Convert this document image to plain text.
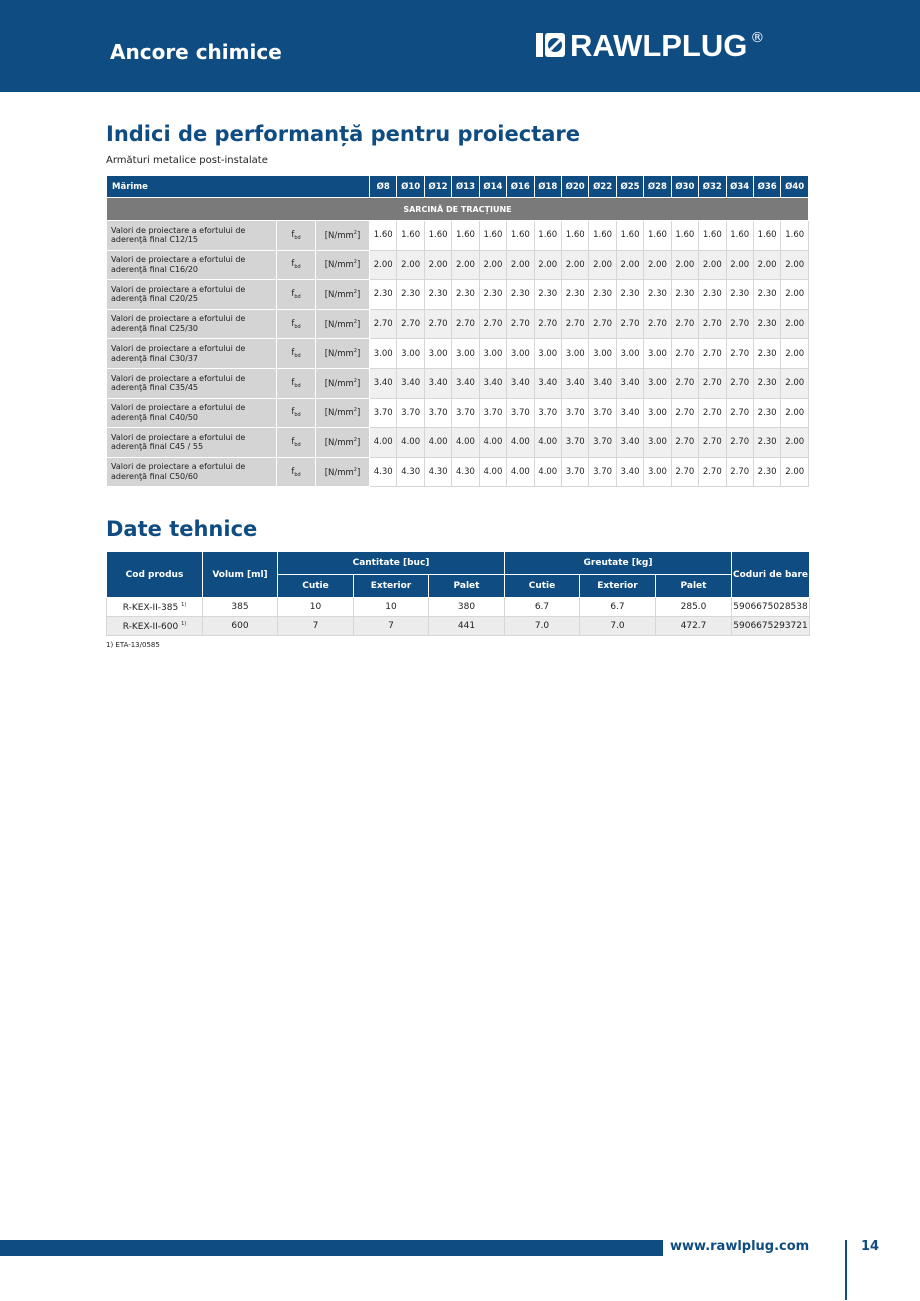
Ancore chimice	RAWLPLUG ®
Indici de performanță pentru proiectare
Armături metalice post-instalate
Mărime			Ø8	Ø10	Ø12	Ø13	Ø14	Ø16	Ø18	Ø20	Ø22	Ø25	Ø28	Ø30	Ø32	Ø34	Ø36	Ø40
SARCINĂ DE TRACȚIUNE																		
Valori de proiectare a efortului de aderenţă final C12/15	$f_{bd}$	$[N/mm^2]$	1.60	1.60	1.60	1.60	1.60	1.60	1.60	1.60	1.60	1.60	1.60	1.60	1.60	1.60	1.60	1.60
Valori de proiectare a efortului de aderenţă final C16/20	$f_{bd}$	$[N/mm^2]$	2.00	2.00	2.00	2.00	2.00	2.00	2.00	2.00	2.00	2.00	2.00	2.00	2.00	2.00	2.00	2.00
Valori de proiectare a efortului de aderenţă final C20/25	$f_{bd}$	$[N/mm^2]$	2.30	2.30	2.30	2.30	2.30	2.30	2.30	2.30	2.30	2.30	2.30	2.30	2.30	2.30	2.30	2.00
Valori de proiectare a efortului de aderenţă final C25/30	$f_{bd}$	$[N/mm^2]$	2.70	2.70	2.70	2.70	2.70	2.70	2.70	2.70	2.70	2.70	2.70	2.70	2.70	2.70	2.30	2.00
Valori de proiectare a efortului de aderenţă final C30/37	$f_{bd}$	$[N/mm^2]$	3.00	3.00	3.00	3.00	3.00	3.00	3.00	3.00	3.00	3.00	3.00	2.70	2.70	2.70	2.30	2.00
Valori de proiectare a efortului de aderenţă final C35/45	$f_{bd}$	$[N/mm^2]$	3.40	3.40	3.40	3.40	3.40	3.40	3.40	3.40	3.40	3.40	3.00	2.70	2.70	2.70	2.30	2.00
Valori de proiectare a efortului de aderenţă final C40/50	$f_{bd}$	$[N/mm^2]$	3.70	3.70	3.70	3.70	3.70	3.70	3.70	3.70	3.70	3.40	3.00	2.70	2.70	2.70	2.30	2.00
Valori de proiectare a efortului de aderenţă final C45 / 55	$f_{bd}$	$[N/mm^2]$	4.00	4.00	4.00	4.00	4.00	4.00	4.00	3.70	3.70	3.40	3.00	2.70	2.70	2.70	2.30	2.00
Valori de proiectare a efortului de aderenţă final C50/60	$f_{bd}$	$[N/mm^2]$	4.30	4.30	4.30	4.30	4.00	4.00	4.00	3.70	3.70	3.40	3.00	2.70	2.70	2.70	2.30	2.00
Date tehnice
Cod produs	Volum [ml]	Cantitate [buc]			Greutate [kg]			Coduri de bare
		Cutie	Exterior	Palet	Cutie	Exterior	Palet	
R-KEX-II-385 $^{1)}$	385	10	10	380	6.7	6.7	285.0	5906675028538
R-KEX-II-600 $^{1)}$	600	7	7	441	7.0	7.0	472.7	5906675293721
1) ETA-13/0585
www.rawlplug.com	14
